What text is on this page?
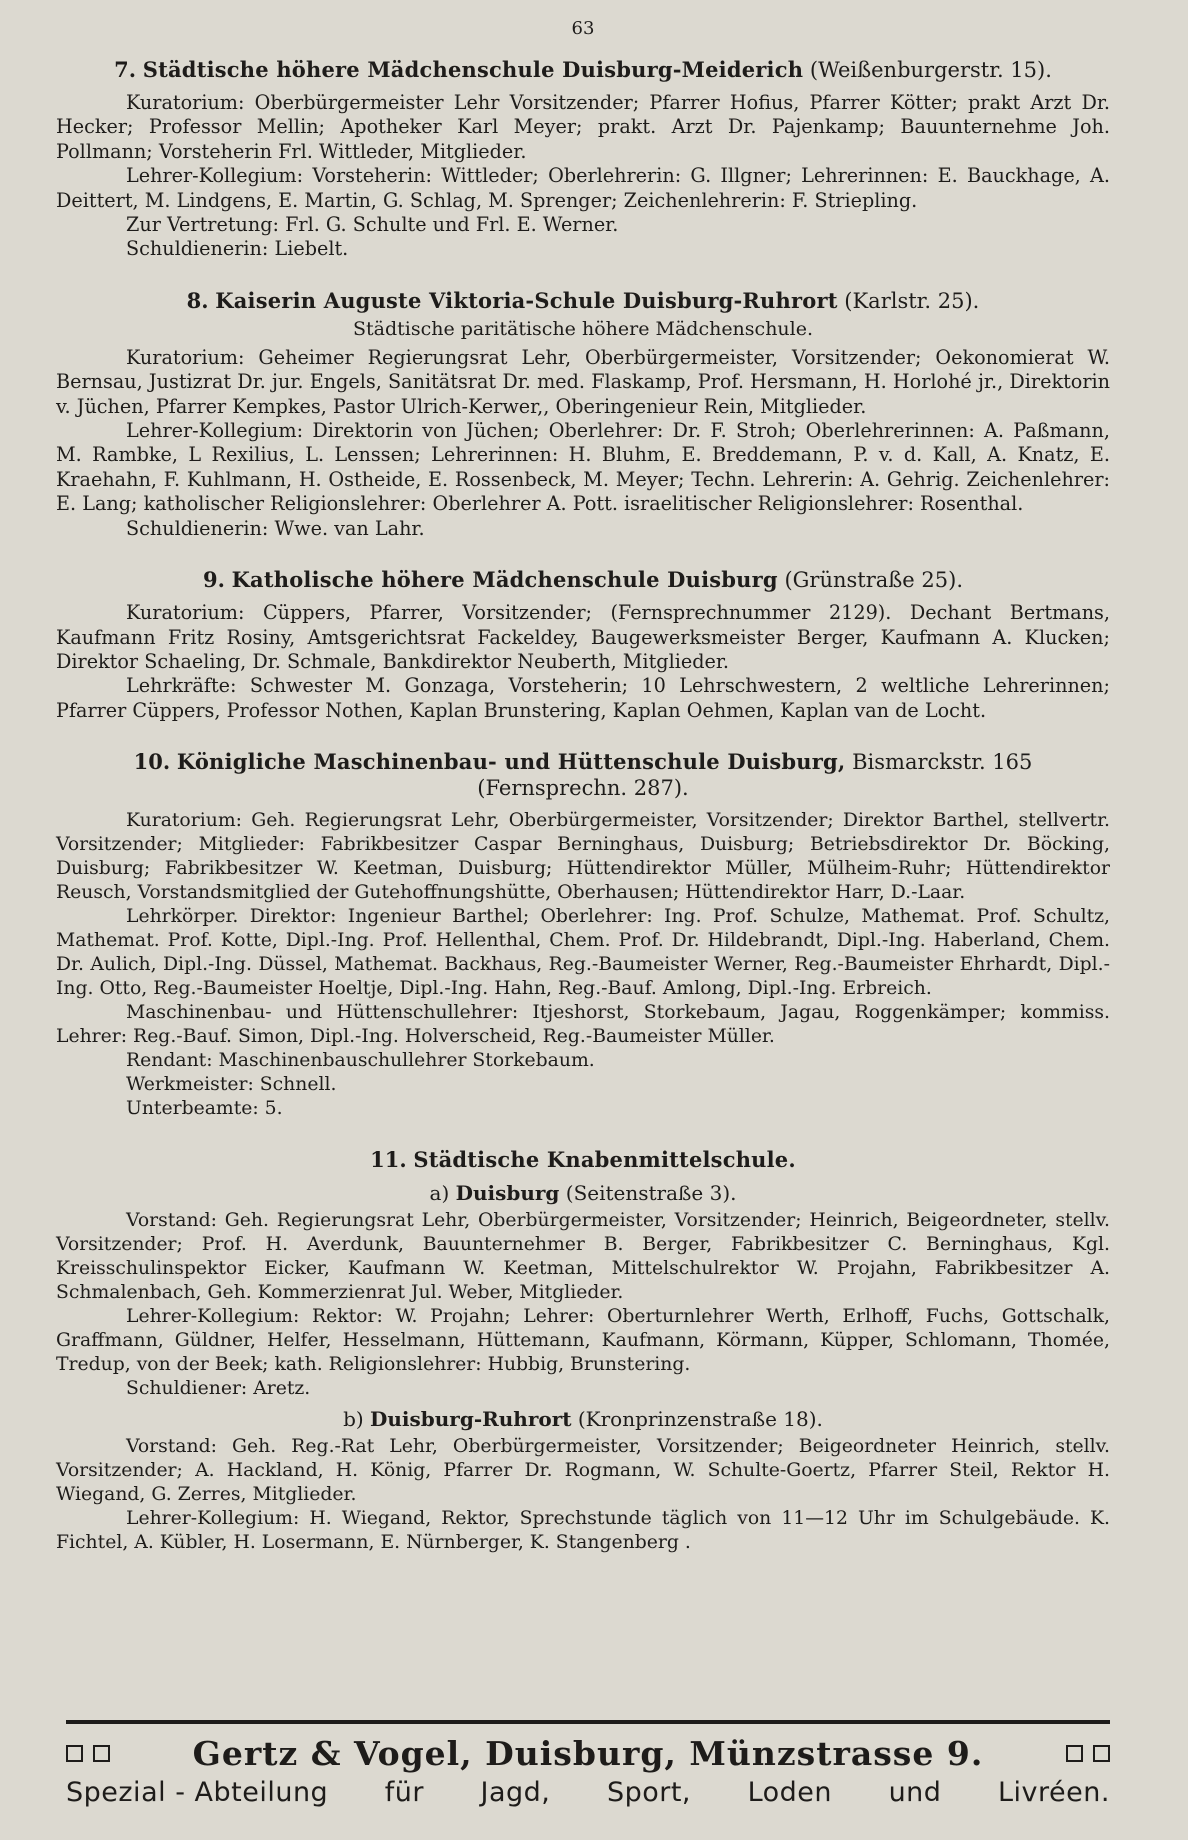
63
7. Städtische höhere Mädchenschule Duisburg-Meiderich (Weißenburgerstr. 15).

Kuratorium: Oberbürgermeister Lehr Vorsitzender; Pfarrer Hofius, Pfarrer Kötter; prakt Arzt Dr. Hecker; Professor Mellin; Apotheker Karl Meyer; prakt. Arzt Dr. Pajenkamp; Bauunternehme Joh. Pollmann; Vorsteherin Frl. Wittleder, Mitglieder.

Lehrer-Kollegium: Vorsteherin: Wittleder; Oberlehrerin: G. Illgner; Lehrerinnen: E. Bauckhage, A. Deittert, M. Lindgens, E. Martin, G. Schlag, M. Sprenger; Zeichenlehrerin: F. Striepling.

Zur Vertretung: Frl. G. Schulte und Frl. E. Werner.

Schuldienerin: Liebelt.

8. Kaiserin Auguste Viktoria-Schule Duisburg-Ruhrort (Karlstr. 25).
Städtische paritätische höhere Mädchenschule.

Kuratorium: Geheimer Regierungsrat Lehr, Oberbürgermeister, Vorsitzender; Oekonomierat W. Bernsau, Justizrat Dr. jur. Engels, Sanitätsrat Dr. med. Flaskamp, Prof. Hersmann, H. Horlohé jr., Direktorin v. Jüchen, Pfarrer Kempkes, Pastor Ulrich-Kerwer,, Oberingenieur Rein, Mitglieder.

Lehrer-Kollegium: Direktorin von Jüchen; Oberlehrer: Dr. F. Stroh; Oberlehrerinnen: A. Paßmann, M. Rambke, L Rexilius, L. Lenssen; Lehrerinnen: H. Bluhm, E. Breddemann, P. v. d. Kall, A. Knatz, E. Kraehahn, F. Kuhlmann, H. Ostheide, E. Rossenbeck, M. Meyer; Techn. Lehrerin: A. Gehrig. Zeichenlehrer: E. Lang; katholischer Religionslehrer: Oberlehrer A. Pott. israelitischer Religionslehrer: Rosenthal.

Schuldienerin: Wwe. van Lahr.

9. Katholische höhere Mädchenschule Duisburg (Grünstraße 25).

Kuratorium: Cüppers, Pfarrer, Vorsitzender; (Fernsprechnummer 2129). Dechant Bertmans, Kaufmann Fritz Rosiny, Amtsgerichtsrat Fackeldey, Baugewerksmeister Berger, Kaufmann A. Klucken; Direktor Schaeling, Dr. Schmale, Bankdirektor Neuberth, Mitglieder.

Lehrkräfte: Schwester M. Gonzaga, Vorsteherin; 10 Lehrschwestern, 2 weltliche Lehrerinnen; Pfarrer Cüppers, Professor Nothen, Kaplan Brunstering, Kaplan Oehmen, Kaplan van de Locht.

10. Königliche Maschinenbau- und Hüttenschule Duisburg, Bismarckstr. 165 (Fernsprechn. 287).

Kuratorium: Geh. Regierungsrat Lehr, Oberbürgermeister, Vorsitzender; Direktor Barthel, stellvertr. Vorsitzender; Mitglieder: Fabrikbesitzer Caspar Berninghaus, Duisburg; Betriebsdirektor Dr. Böcking, Duisburg; Fabrikbesitzer W. Keetman, Duisburg; Hüttendirektor Müller, Mülheim-Ruhr; Hüttendirektor Reusch, Vorstandsmitglied der Gutehoffnungshütte, Oberhausen; Hüttendirektor Harr, D.-Laar.

Lehrkörper. Direktor: Ingenieur Barthel; Oberlehrer: Ing. Prof. Schulze, Mathemat. Prof. Schultz, Mathemat. Prof. Kotte, Dipl.-Ing. Prof. Hellenthal, Chem. Prof. Dr. Hildebrandt, Dipl.-Ing. Haberland, Chem. Dr. Aulich, Dipl.-Ing. Düssel, Mathemat. Backhaus, Reg.-Baumeister Werner, Reg.-Baumeister Ehrhardt, Dipl.-Ing. Otto, Reg.-Baumeister Hoeltje, Dipl.-Ing. Hahn, Reg.-Bauf. Amlong, Dipl.-Ing. Erbreich.

Maschinenbau- und Hüttenschullehrer: Itjeshorst, Storkebaum, Jagau, Roggenkämper; kommiss. Lehrer: Reg.-Bauf. Simon, Dipl.-Ing. Holverscheid, Reg.-Baumeister Müller.

Rendant: Maschinenbauschullehrer Storkebaum.

Werkmeister: Schnell.

Unterbeamte: 5.

11. Städtische Knabenmittelschule.
a) Duisburg (Seitenstraße 3).

Vorstand: Geh. Regierungsrat Lehr, Oberbürgermeister, Vorsitzender; Heinrich, Beigeordneter, stellv. Vorsitzender; Prof. H. Averdunk, Bauunternehmer B. Berger, Fabrikbesitzer C. Berninghaus, Kgl. Kreisschulinspektor Eicker, Kaufmann W. Keetman, Mittelschulrektor W. Projahn, Fabrikbesitzer A. Schmalenbach, Geh. Kommerzienrat Jul. Weber, Mitglieder.

Lehrer-Kollegium: Rektor: W. Projahn; Lehrer: Oberturnlehrer Werth, Erlhoff, Fuchs, Gottschalk, Graffmann, Güldner, Helfer, Hesselmann, Hüttemann, Kaufmann, Körmann, Küpper, Schlomann, Thomée, Tredup, von der Beek; kath. Religionslehrer: Hubbig, Brunstering.

Schuldiener: Aretz.

b) Duisburg-Ruhrort (Kronprinzenstraße 18).

Vorstand: Geh. Reg.-Rat Lehr, Oberbürgermeister, Vorsitzender; Beigeordneter Heinrich, stellv. Vorsitzender; A. Hackland, H. König, Pfarrer Dr. Rogmann, W. Schulte-Goertz, Pfarrer Steil, Rektor H. Wiegand, G. Zerres, Mitglieder.

Lehrer-Kollegium: H. Wiegand, Rektor, Sprechstunde täglich von 11—12 Uhr im Schulgebäude. K. Fichtel, A. Kübler, H. Losermann, E. Nürnberger, K. Stangenberg .

Gertz & Vogel, Duisburg, Münzstrasse 9.
Spezial - Abteilung für Jagd, Sport, Loden und Livréen.
